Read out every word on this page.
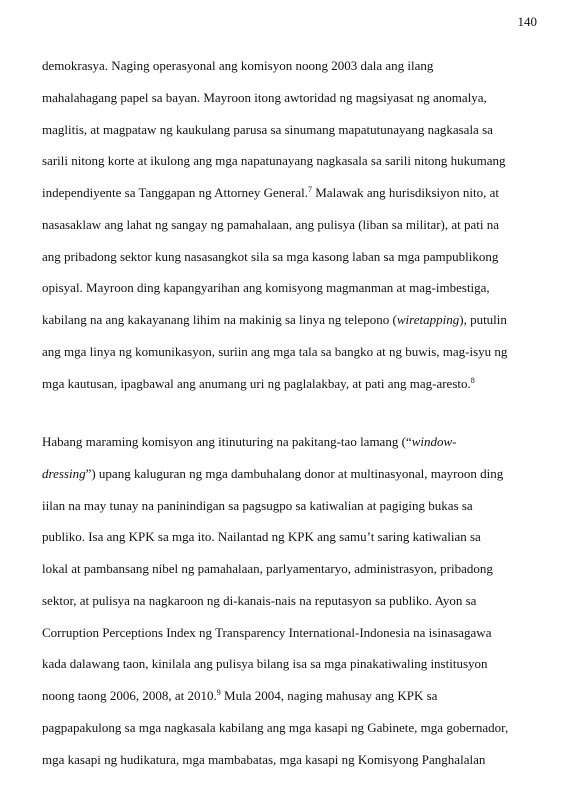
140
demokrasya. Naging operasyonal ang komisyon noong 2003 dala ang ilang
mahalahagang papel sa bayan. Mayroon itong awtoridad ng magsiyasat ng anomalya,
maglitis, at magpataw ng kaukulang parusa sa sinumang mapatutunayang nagkasala sa
sarili nitong korte at ikulong ang mga napatunayang nagkasala sa sarili nitong hukumang
independiyente sa Tanggapan ng Attorney General.$^7$ Malawak ang hurisdiksiyon nito, at
nasasaklaw ang lahat ng sangay ng pamahalaan, ang pulisya (liban sa militar), at pati na
ang pribadong sektor kung nasasangkot sila sa mga kasong laban sa mga pampublikong
opisyal. Mayroon ding kapangyarihan ang komisyong magmanman at mag-imbestiga,
kabilang na ang kakayanang lihim na makinig sa linya ng telepono (wiretapping), putulin
ang mga linya ng komunikasyon, suriin ang mga tala sa bangko at ng buwis, mag-isyu ng
mga kautusan, ipagbawal ang anumang uri ng paglalakbay, at pati ang mag-aresto.$^8$
Habang maraming komisyon ang itinuturing na pakitang-tao lamang (“window-
dressing”) upang kaluguran ng mga dambuhalang donor at multinasyonal, mayroon ding
iilan na may tunay na paninindigan sa pagsugpo sa katiwalian at pagiging bukas sa
publiko. Isa ang KPK sa mga ito. Nailantad ng KPK ang samu’t saring katiwalian sa
lokal at pambansang nibel ng pamahalaan, parlyamentaryo, administrasyon, pribadong
sektor, at pulisya na nagkaroon ng di-kanais-nais na reputasyon sa publiko. Ayon sa
Corruption Perceptions Index ng Transparency International-Indonesia na isinasagawa
kada dalawang taon, kinilala ang pulisya bilang isa sa mga pinakatiwaling institusyon
noong taong 2006, 2008, at 2010.$^9$ Mula 2004, naging mahusay ang KPK sa
pagpapakulong sa mga nagkasala kabilang ang mga kasapi ng Gabinete, mga gobernador,
mga kasapi ng hudikatura, mga mambabatas, mga kasapi ng Komisyong Panghalalan
